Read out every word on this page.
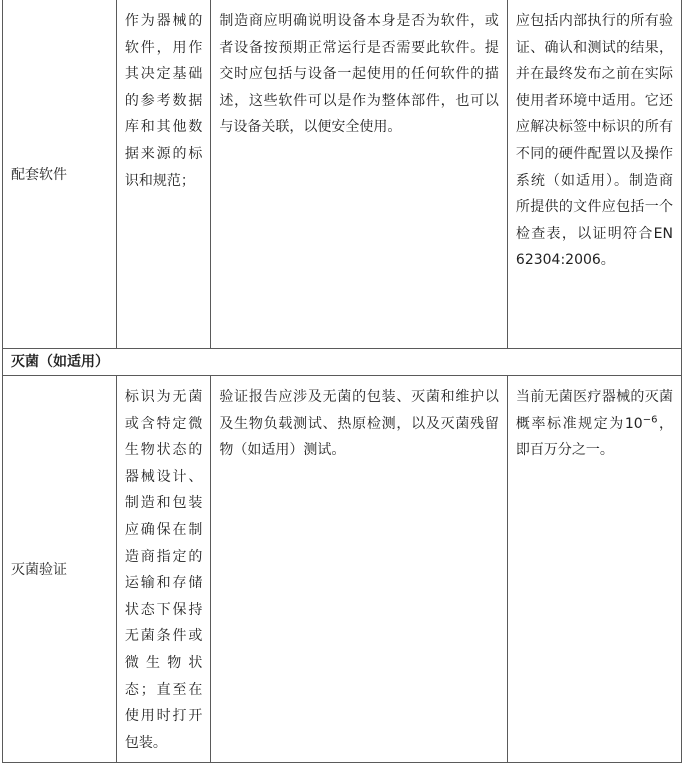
配套软件	作为器械的软件，用作其决定基础的参考数据库和其他数据来源的标识和规范；	制造商应明确说明设备本身是否为软件，或者设备按预期正常运行是否需要此软件。提交时应包括与设备一起使用的任何软件的描述，这些软件可以是作为整体部件，也可以与设备关联，以便安全使用。	应包括内部执行的所有验证、确认和测试的结果，并在最终发布之前在实际使用者环境中适用。它还应解决标签中标识的所有不同的硬件配置以及操作系统（如适用）。制造商所提供的文件应包括一个检查表，以证明符合EN 62304:2006。
灭菌（如适用）			
灭菌验证	标识为无菌或含特定微生物状态的器械设计、制造和包装应确保在制造商指定的运输和存储状态下保持无菌条件或微生物状态；直至在使用时打开包装。	验证报告应涉及无菌的包装、灭菌和维护以及生物负载测试、热原检测，以及灭菌残留物（如适用）测试。	当前无菌医疗器械的灭菌概率标准规定为$10^{-6}$，即百万分之一。
